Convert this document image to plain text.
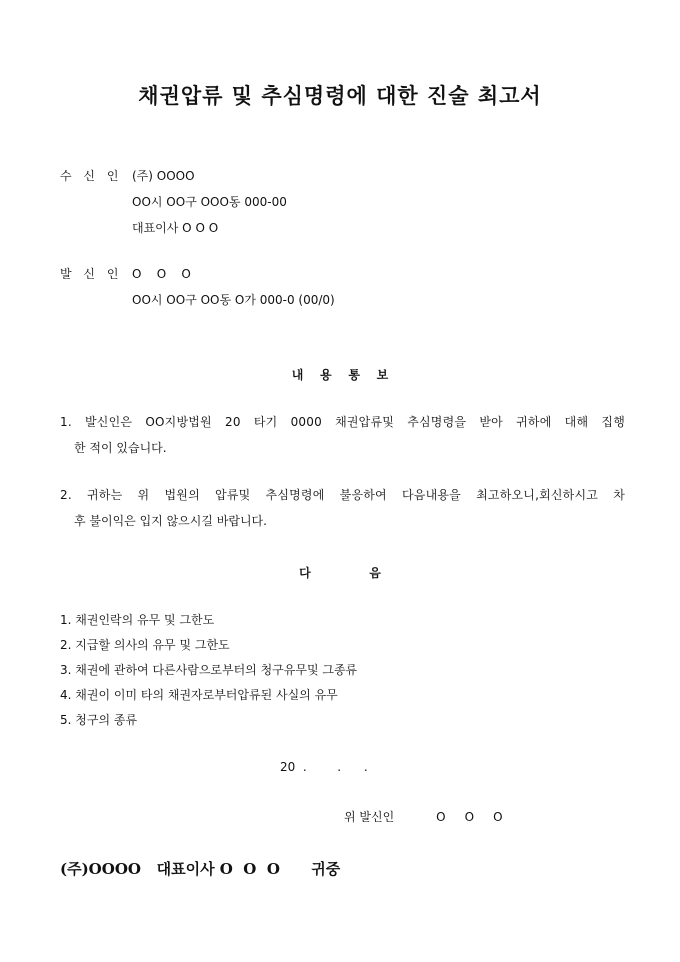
채권압류 및 추심명령에 대한 진술 최고서
수 신 인 (주) OOOO
OO시 OO구 OOO동 000-00
대표이사 O O O
발 신 인 O    O    O
OO시 OO구 OO동 O가 000-0 (00/0)
내    용    통    보
1. 발신인은 OO지방법원 20 타기 0000 채권압류및 추심명령을 받아 귀하에 대해 집행
한 적이 있습니다.
2. 귀하는 위 법원의 압류및 추심명령에 불응하여 다음내용을 최고하오니,회신하시고 차
후 불이익은 입지 않으시길 바랍니다.
다              음
1. 채권인락의 유무 및 그한도
2. 지급할 의사의 유무 및 그한도
3. 채권에 관하여 다른사람으로부터의 청구유무및 그종류
4. 채권이 이미 타의 채권자로부터압류된 사실의 유무
5. 청구의 종류
20  .        .      .
위 발신인           O     O     O
(주)OOOO   대표이사 O  O  O      귀중
